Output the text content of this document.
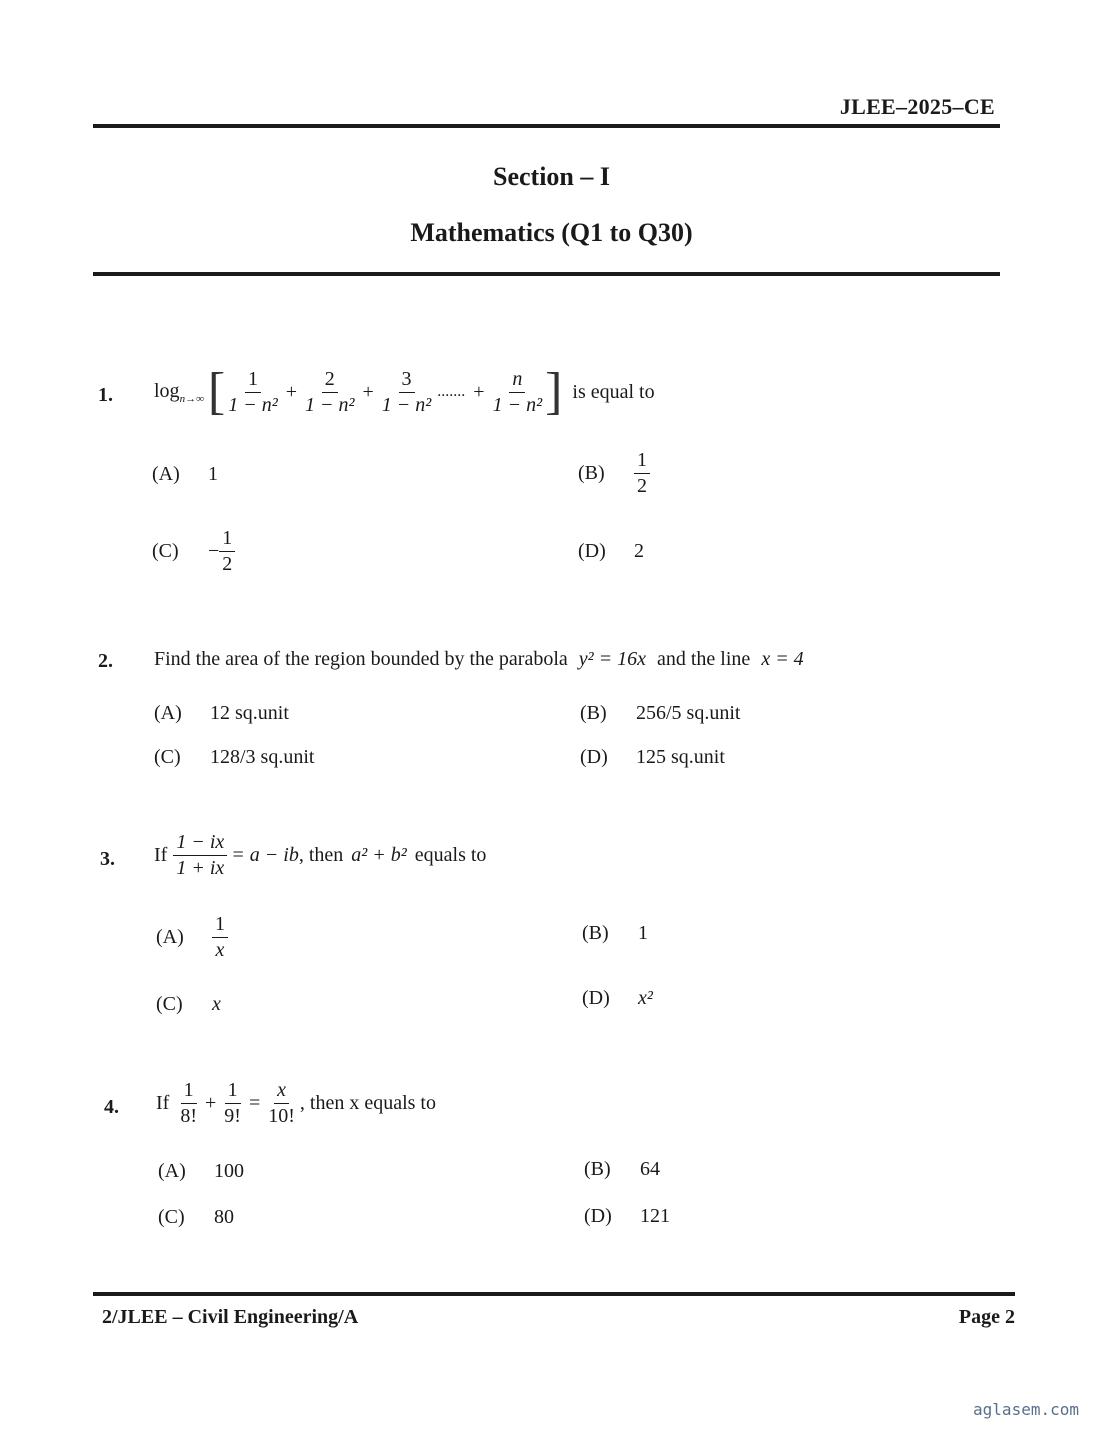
JLEE–2025–CE
Section – I
Mathematics (Q1 to Q30)
1. $\log_{n\to\infty}$ [ $\frac{1}{\text{1 − n²}} + \frac{2}{\text{1 − n²}} + \frac{3}{\text{1 − n²}}$ ....... + $\frac{n}{\text{1 − n²}}$ ] is equal to
(A) 1	(B)	$\frac{1}{2}$
(C)	− $\frac{1}{2}$	(D) 2
2. Find the area of the region bounded by the parabola y² = 16x and the line x = 4
(A) 12 sq.unit	(B) 256/5 sq.unit
(C) 128/3 sq.unit	(D) 125 sq.unit
3. If $\frac{1 - ix}{1 + ix} = a$ − ib , then a² + b² equals to
(A)	$\frac{1}{x}$	(B) 1
(C) x	(D) x²
4. If $\frac{1}{8!} + \frac{1}{9!} = \frac{x}{10!}$ , then x equals to
(A) 100	(B) 64
(C) 80	(D) 121
2/JLEE – Civil Engineering/A	Page 2
aglasem.com
